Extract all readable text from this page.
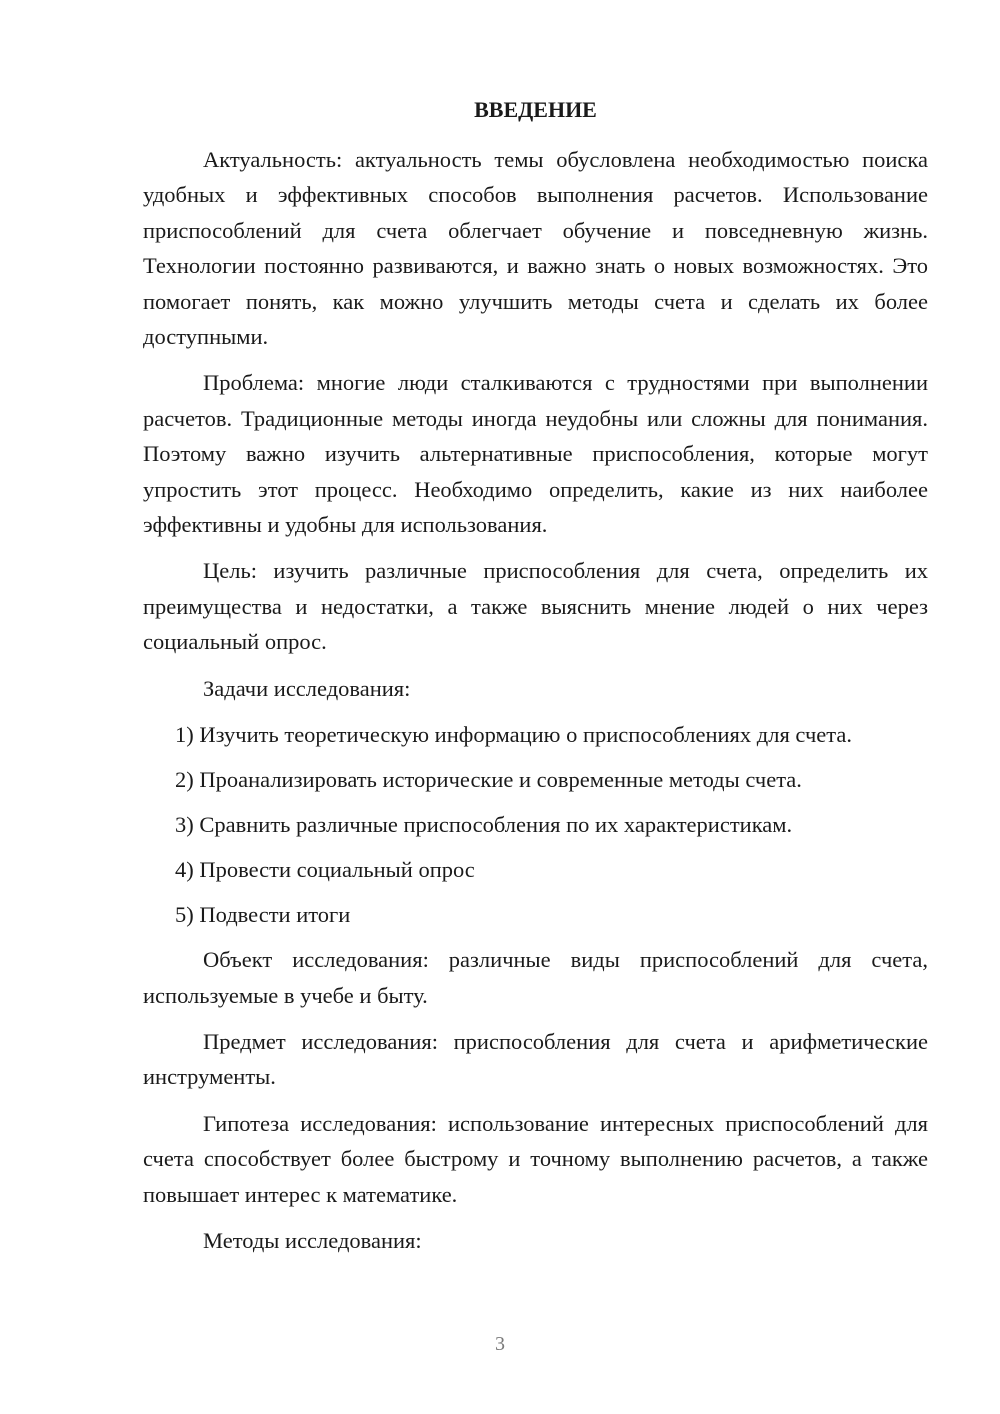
ВВЕДЕНИЕ

Актуальность: актуальность темы обусловлена необходимостью поиска удобных и эффективных способов выполнения расчетов. Использование приспособлений для счета облегчает обучение и повседневную жизнь. Технологии постоянно развиваются, и важно знать о новых возможностях. Это помогает понять, как можно улучшить методы счета и сделать их более доступными.

Проблема: многие люди сталкиваются с трудностями при выполнении расчетов. Традиционные методы иногда неудобны или сложны для понимания. Поэтому важно изучить альтернативные приспособления, которые могут упростить этот процесс. Необходимо определить, какие из них наиболее эффективны и удобны для использования.

Цель: изучить различные приспособления для счета, определить их преимущества и недостатки, а также выяснить мнение людей о них через социальный опрос.

Задачи исследования:

1) Изучить теоретическую информацию о приспособлениях для счета.
2) Проанализировать исторические и современные методы счета.
3) Сравнить различные приспособления по их характеристикам.
4) Провести социальный опрос
5) Подвести итоги

Объект исследования: различные виды приспособлений для счета, используемые в учебе и быту.

Предмет исследования: приспособления для счета и арифметические инструменты.

Гипотеза исследования: использование интересных приспособлений для счета способствует более быстрому и точному выполнению расчетов, а также повышает интерес к математике.

Методы исследования:

3
